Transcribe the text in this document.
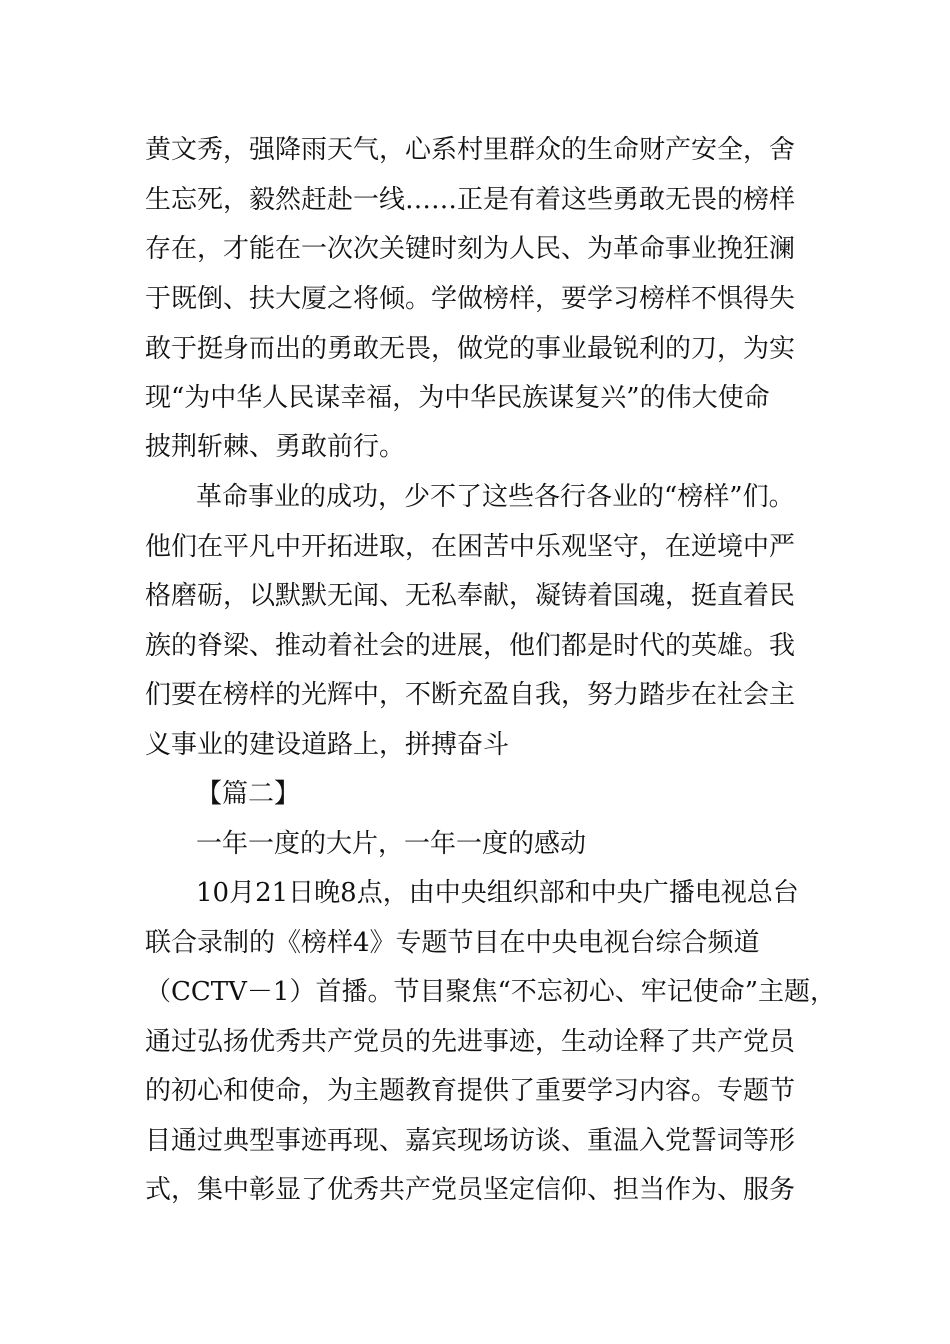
黄文秀，强降雨天气，心系村里群众的生命财产安全，舍

生忘死，毅然赶赴一线……正是有着这些勇敢无畏的榜样

存在，才能在一次次关键时刻为人民、为革命事业挽狂澜

于既倒、扶大厦之将倾。学做榜样，要学习榜样不惧得失

敢于挺身而出的勇敢无畏，做党的事业最锐利的刀，为实

现“为中华人民谋幸福，为中华民族谋复兴”的伟大使命

披荆斩棘、勇敢前行。

革命事业的成功，少不了这些各行各业的“榜样”们。

他们在平凡中开拓进取，在困苦中乐观坚守，在逆境中严

格磨砺，以默默无闻、无私奉献，凝铸着国魂，挺直着民

族的脊梁、推动着社会的进展，他们都是时代的英雄。我

们要在榜样的光辉中，不断充盈自我，努力踏步在社会主

义事业的建设道路上，拼搏奋斗

【篇二】

一年一度的大片，一年一度的感动

10月21日晚8点，由中央组织部和中央广播电视总台

联合录制的《榜样4》专题节目在中央电视台综合频道

（CCTV－1）首播。节目聚焦“不忘初心、牢记使命”主题，

通过弘扬优秀共产党员的先进事迹，生动诠释了共产党员

的初心和使命，为主题教育提供了重要学习内容。专题节

目通过典型事迹再现、嘉宾现场访谈、重温入党誓词等形

式，集中彰显了优秀共产党员坚定信仰、担当作为、服务
